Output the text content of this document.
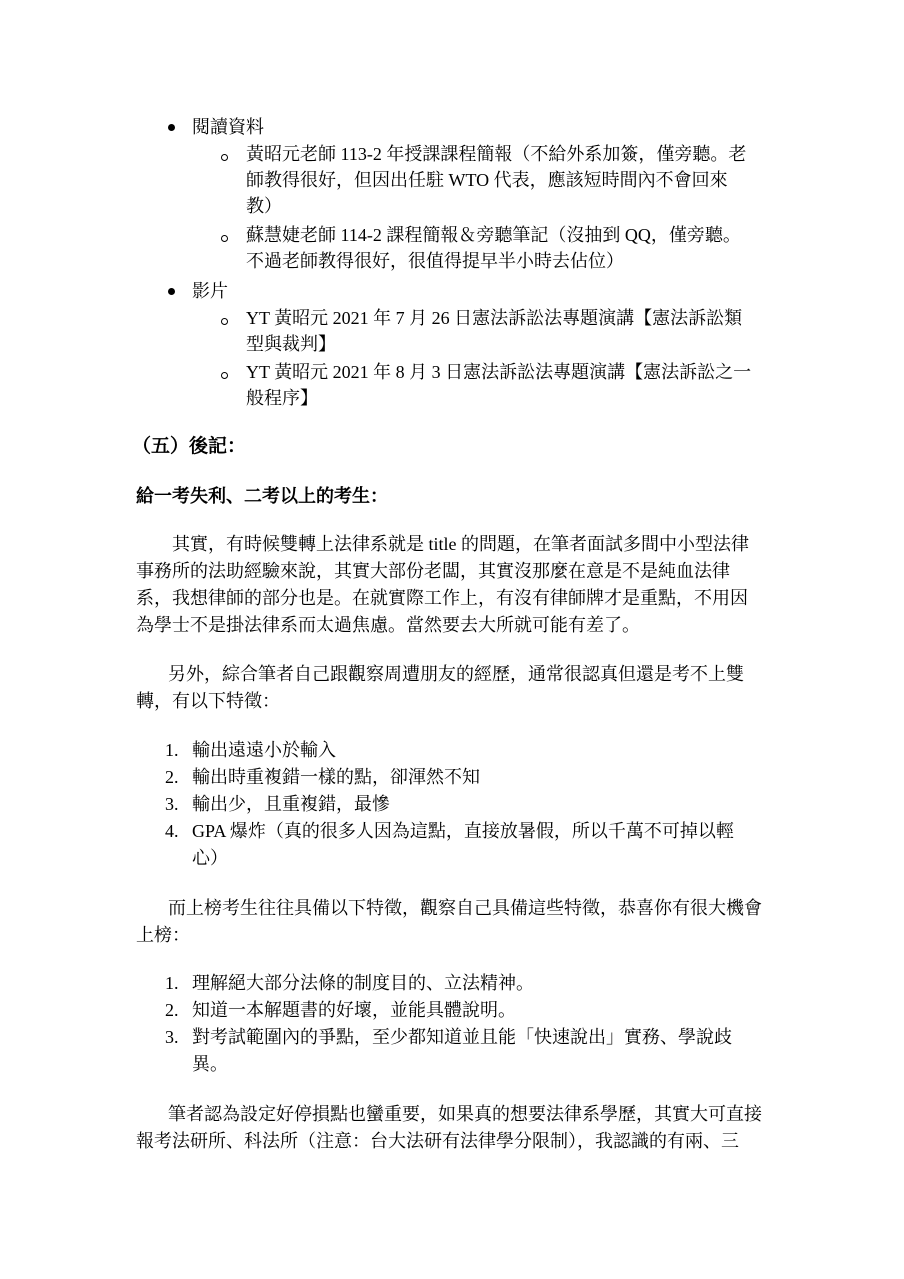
閱讀資料
黃昭元老師 113-2 年授課課程簡報（不給外系加簽，僅旁聽。老
師教得很好，但因出任駐 WTO 代表，應該短時間內不會回來
教）
蘇慧婕老師 114-2 課程簡報＆旁聽筆記（沒抽到 QQ，僅旁聽。
不過老師教得很好，很值得提早半小時去佔位）
影片
YT 黃昭元 2021 年 7 月 26 日憲法訴訟法專題演講【憲法訴訟類
型與裁判】
YT 黃昭元 2021 年 8 月 3 日憲法訴訟法專題演講【憲法訴訟之一
般程序】
（五）後記：
給一考失利、二考以上的考生：
其實，有時候雙轉上法律系就是 title 的問題，在筆者面試多間中小型法律
事務所的法助經驗來說，其實大部份老闆，其實沒那麼在意是不是純血法律
系，我想律師的部分也是。在就實際工作上，有沒有律師牌才是重點，不用因
為學士不是掛法律系而太過焦慮。當然要去大所就可能有差了。
另外，綜合筆者自己跟觀察周遭朋友的經歷，通常很認真但還是考不上雙
轉，有以下特徵：
1. 輸出遠遠小於輸入
2. 輸出時重複錯一樣的點，卻渾然不知
3. 輸出少，且重複錯，最慘
4. GPA 爆炸（真的很多人因為這點，直接放暑假，所以千萬不可掉以輕
心）
而上榜考生往往具備以下特徵，觀察自己具備這些特徵，恭喜你有很大機會
上榜：
1. 理解絕大部分法條的制度目的、立法精神。
2. 知道一本解題書的好壞，並能具體說明。
3. 對考試範圍內的爭點，至少都知道並且能「快速說出」實務、學說歧
異。
筆者認為設定好停損點也蠻重要，如果真的想要法律系學歷，其實大可直接
報考法研所、科法所（注意：台大法研有法律學分限制），我認識的有兩、三
